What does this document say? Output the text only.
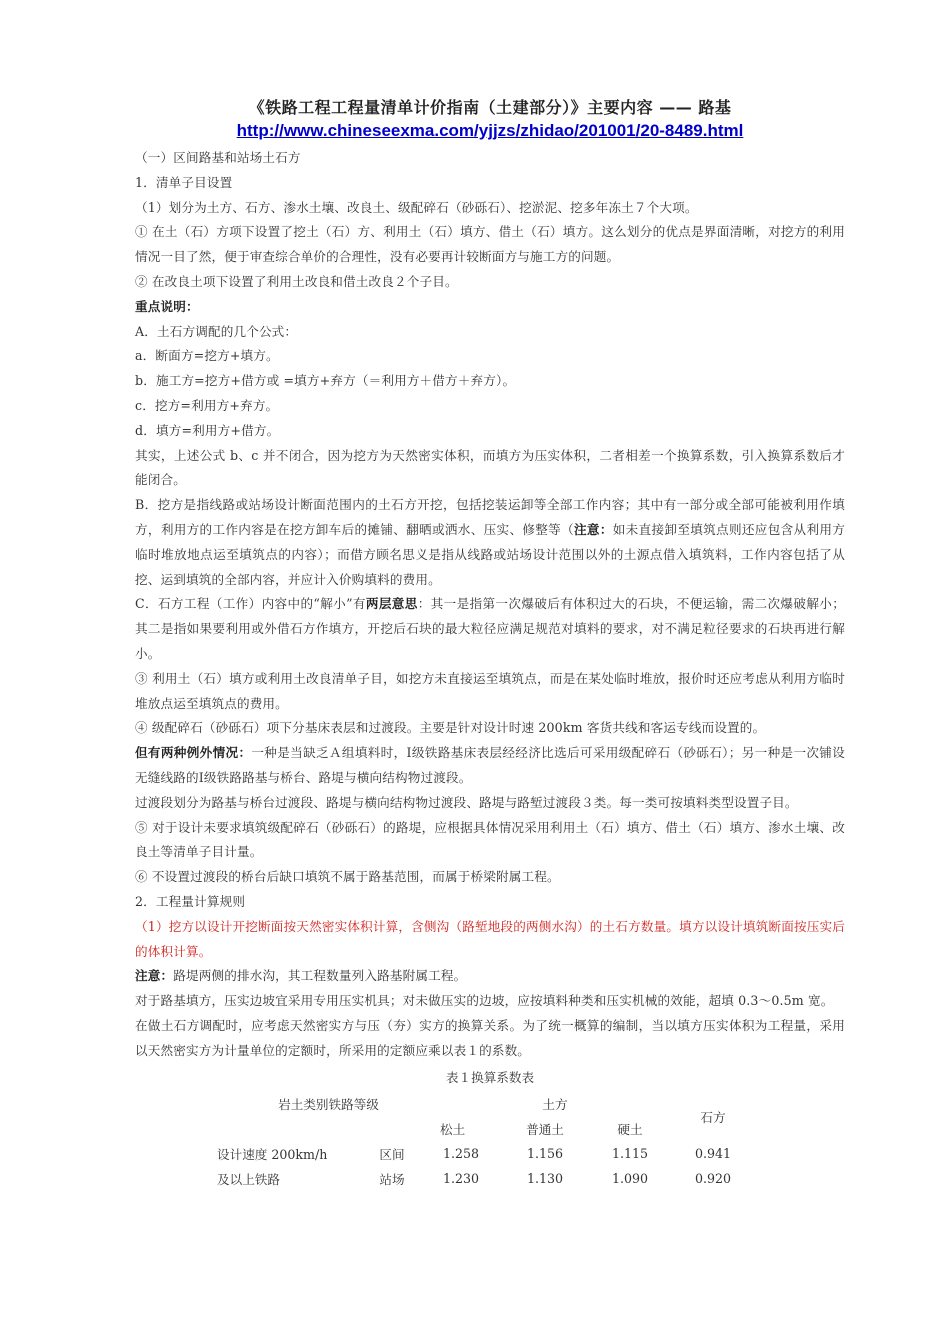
《铁路工程工程量清单计价指南（土建部分）》主要内容 —— 路基
http://www.chineseexma.com/yjjzs/zhidao/201001/20-8489.html

（一）区间路基和站场土石方

1．清单子目设置

（1）划分为土方、石方、渗水土壤、改良土、级配碎石（砂砾石）、挖淤泥、挖多年冻土７个大项。

① 在土（石）方项下设置了挖土（石）方、利用土（石）填方、借土（石）填方。这么划分的优点是界面清晰，对挖方的利用情况一目了然，便于审查综合单价的合理性，没有必要再计较断面方与施工方的问题。

② 在改良土项下设置了利用土改良和借土改良２个子目。

重点说明：

A．土石方调配的几个公式：

a．断面方=挖方+填方。

b．施工方=挖方+借方或 =填方+弃方（＝利用方＋借方＋弃方）。

c．挖方=利用方+弃方。

d．填方=利用方+借方。

其实，上述公式 b、c 并不闭合，因为挖方为天然密实体积，而填方为压实体积，二者相差一个换算系数，引入换算系数后才能闭合。

B．挖方是指线路或站场设计断面范围内的土石方开挖，包括挖装运卸等全部工作内容；其中有一部分或全部可能被利用作填方，利用方的工作内容是在挖方卸车后的摊铺、翻晒或洒水、压实、修整等（注意：如未直接卸至填筑点则还应包含从利用方临时堆放地点运至填筑点的内容）；而借方顾名思义是指从线路或站场设计范围以外的土源点借入填筑料，工作内容包括了从挖、运到填筑的全部内容，并应计入价购填料的费用。

C．石方工程（工作）内容中的“解小”有两层意思：其一是指第一次爆破后有体积过大的石块，不便运输，需二次爆破解小；其二是指如果要利用或外借石方作填方，开挖后石块的最大粒径应满足规范对填料的要求，对不满足粒径要求的石块再进行解小。

③ 利用土（石）填方或利用土改良清单子目，如挖方未直接运至填筑点，而是在某处临时堆放，报价时还应考虑从利用方临时堆放点运至填筑点的费用。

④ 级配碎石（砂砾石）项下分基床表层和过渡段。主要是针对设计时速 200km 客货共线和客运专线而设置的。

但有两种例外情况：一种是当缺乏Ａ组填料时，Ⅰ级铁路基床表层经经济比选后可采用级配碎石（砂砾石）；另一种是一次铺设无缝线路的Ⅰ级铁路路基与桥台、路堤与横向结构物过渡段。

过渡段划分为路基与桥台过渡段、路堤与横向结构物过渡段、路堤与路堑过渡段３类。每一类可按填料类型设置子目。

⑤ 对于设计未要求填筑级配碎石（砂砾石）的路堤，应根据具体情况采用利用土（石）填方、借土（石）填方、渗水土壤、改良土等清单子目计量。

⑥ 不设置过渡段的桥台后缺口填筑不属于路基范围，而属于桥梁附属工程。

2．工程量计算规则

（1）挖方以设计开挖断面按天然密实体积计算，含侧沟（路堑地段的两侧水沟）的土石方数量。填方以设计填筑断面按压实后的体积计算。

注意：路堤两侧的排水沟，其工程数量列入路基附属工程。

对于路基填方，压实边坡宜采用专用压实机具；对未做压实的边坡，应按填料种类和压实机械的效能，超填 0.3～0.5m 宽。

在做土石方调配时，应考虑天然密实方与压（夯）实方的换算关系。为了统一概算的编制，当以填方压实体积为工程量，采用以天然密实方为计量单位的定额时，所采用的定额应乘以表１的系数。

表１换算系数表
岩土类别铁路等级			土方			石方
			松土	普通土	硬土	
设计速度 200km/h	区间	1.258		1.156	1.115	0.941
及以上铁路	站场	1.230		1.130	1.090	0.920
